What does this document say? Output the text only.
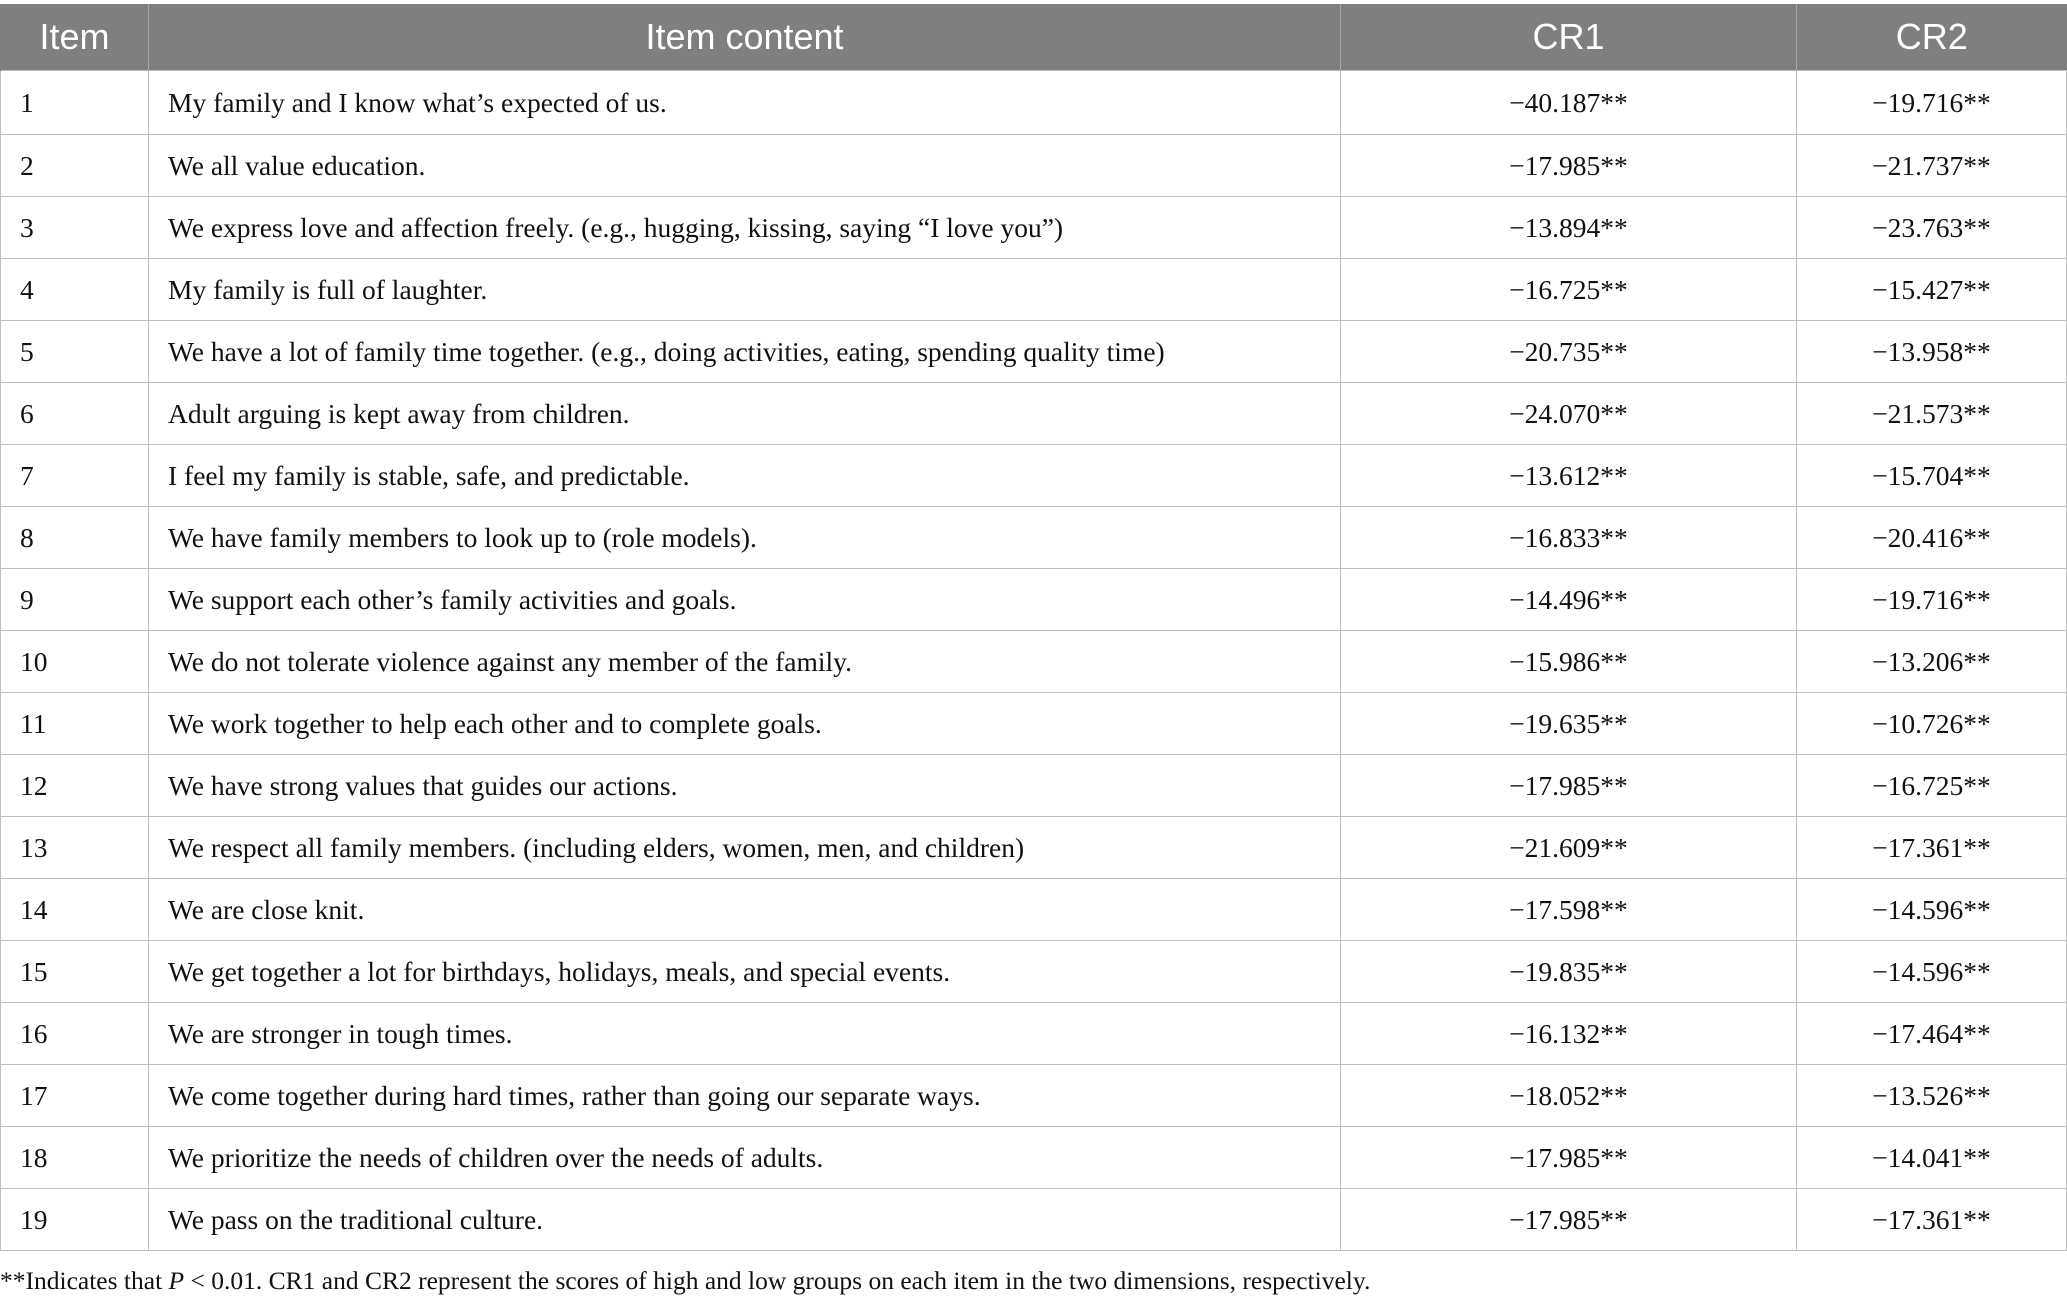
Item	Item content	CR1	CR2
1	My family and I know what’s expected of us.	−40.187**	−19.716**
2	We all value education.	−17.985**	−21.737**
3	We express love and affection freely. (e.g., hugging, kissing, saying “I love you”)	−13.894**	−23.763**
4	My family is full of laughter.	−16.725**	−15.427**
5	We have a lot of family time together. (e.g., doing activities, eating, spending quality time)	−20.735**	−13.958**
6	Adult arguing is kept away from children.	−24.070**	−21.573**
7	I feel my family is stable, safe, and predictable.	−13.612**	−15.704**
8	We have family members to look up to (role models).	−16.833**	−20.416**
9	We support each other’s family activities and goals.	−14.496**	−19.716**
10	We do not tolerate violence against any member of the family.	−15.986**	−13.206**
11	We work together to help each other and to complete goals.	−19.635**	−10.726**
12	We have strong values that guides our actions.	−17.985**	−16.725**
13	We respect all family members. (including elders, women, men, and children)	−21.609**	−17.361**
14	We are close knit.	−17.598**	−14.596**
15	We get together a lot for birthdays, holidays, meals, and special events.	−19.835**	−14.596**
16	We are stronger in tough times.	−16.132**	−17.464**
17	We come together during hard times, rather than going our separate ways.	−18.052**	−13.526**
18	We prioritize the needs of children over the needs of adults.	−17.985**	−14.041**
19	We pass on the traditional culture.	−17.985**	−17.361**
**Indicates that P < 0.01. CR1 and CR2 represent the scores of high and low groups on each item in the two dimensions, respectively.
